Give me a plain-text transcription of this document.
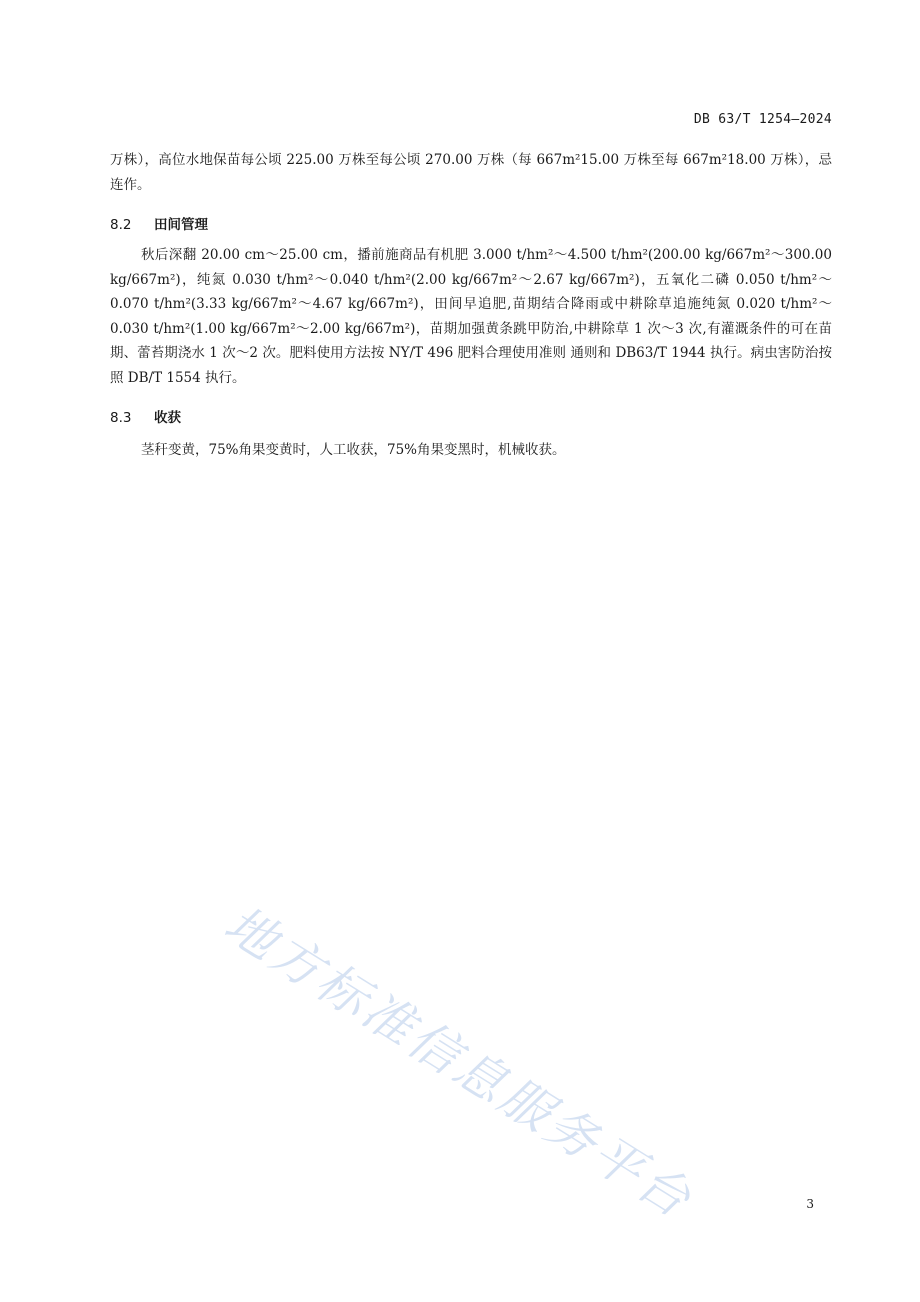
DB 63/T 1254—2024
万株），高位水地保苗每公顷 225.00 万株至每公顷 270.00 万株（每 667m²15.00 万株至每 667m²18.00 万株），忌连作。
8.2 田间管理
秋后深翻 20.00 cm～25.00 cm，播前施商品有机肥 3.000 t/hm²～4.500 t/hm²(200.00 kg/667m²～300.00 kg/667m²)，纯氮 0.030 t/hm²～0.040 t/hm²(2.00 kg/667m²～2.67 kg/667m²)，五氧化二磷 0.050 t/hm²～0.070 t/hm²(3.33 kg/667m²～4.67 kg/667m²)，田间早追肥,苗期结合降雨或中耕除草追施纯氮 0.020 t/hm²～0.030 t/hm²(1.00 kg/667m²～2.00 kg/667m²)，苗期加强黄条跳甲防治,中耕除草 1 次～3 次,有灌溉条件的可在苗期、蕾苔期浇水 1 次～2 次。肥料使用方法按 NY/T 496 肥料合理使用准则 通则和 DB63/T 1944 执行。病虫害防治按照 DB/T 1554 执行。
8.3 收获
茎秆变黄，75%角果变黄时，人工收获，75%角果变黑时，机械收获。
地方标准信息服务平台	3
